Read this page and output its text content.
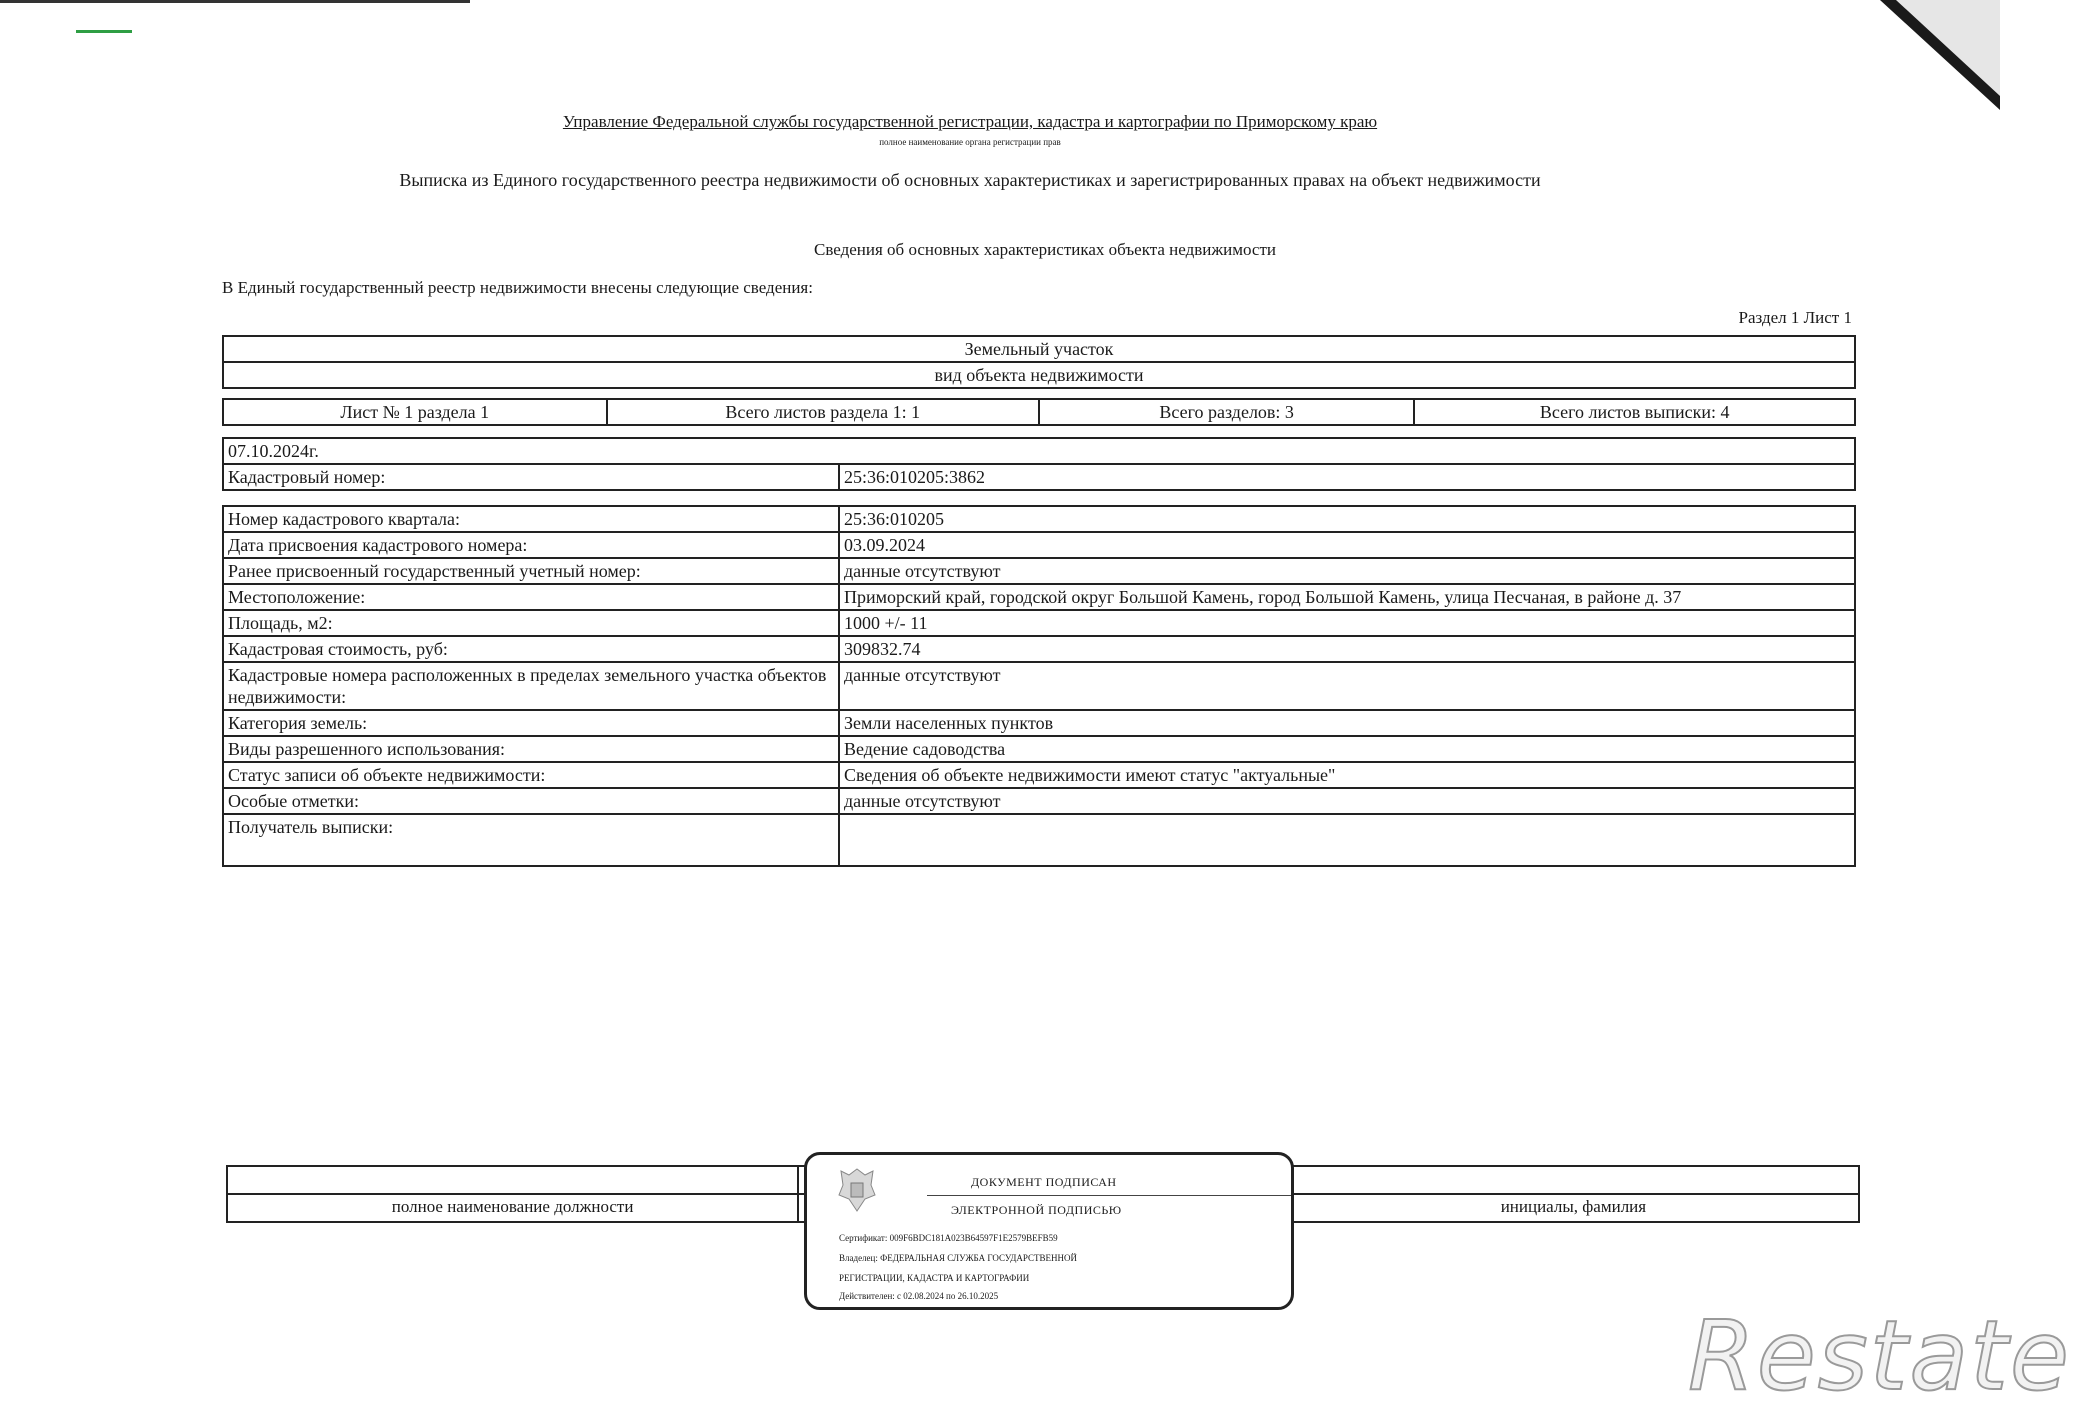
Управление Федеральной службы государственной регистрации, кадастра и картографии по Приморскому краю
полное наименование органа регистрации прав
Выписка из Единого государственного реестра недвижимости об основных характеристиках и зарегистрированных правах на объект недвижимости
Сведения об основных характеристиках объекта недвижимости
В Единый государственный реестр недвижимости внесены следующие сведения:
Раздел 1 Лист 1
Земельный участок
вид объекта недвижимости
Лист № 1 раздела 1	Всего листов раздела 1: 1	Всего разделов: 3	Всего листов выписки: 4
07.10.2024г.
Кадастровый номер:	25:36:010205:3862
Номер кадастрового квартала:	25:36:010205
Дата присвоения кадастрового номера:	03.09.2024
Ранее присвоенный государственный учетный номер:	данные отсутствуют
Местоположение:	Приморский край, городской округ Большой Камень, город Большой Камень, улица Песчаная, в районе д. 37
Площадь, м2:	1000 +/- 11
Кадастровая стоимость, руб:	309832.74
Кадастровые номера расположенных в пределах земельного участка объектов недвижимости:	данные отсутствуют
Категория земель:	Земли населенных пунктов
Виды разрешенного использования:	Ведение садоводства
Статус записи об объекте недвижимости:	Сведения об объекте недвижимости имеют статус "актуальные"
Особые отметки:	данные отсутствуют
Получатель выписки:	

полное наименование должности		инициалы, фамилия
ДОКУМЕНТ ПОДПИСАН
ЭЛЕКТРОННОЙ ПОДПИСЬЮ
Сертификат: 009F6BDC181A023B64597F1E2579BEFB59
Владелец: ФЕДЕРАЛЬНАЯ СЛУЖБА ГОСУДАРСТВЕННОЙ
РЕГИСТРАЦИИ, КАДАСТРА И КАРТОГРАФИИ
Действителен: с 02.08.2024 по 26.10.2025
Restate
